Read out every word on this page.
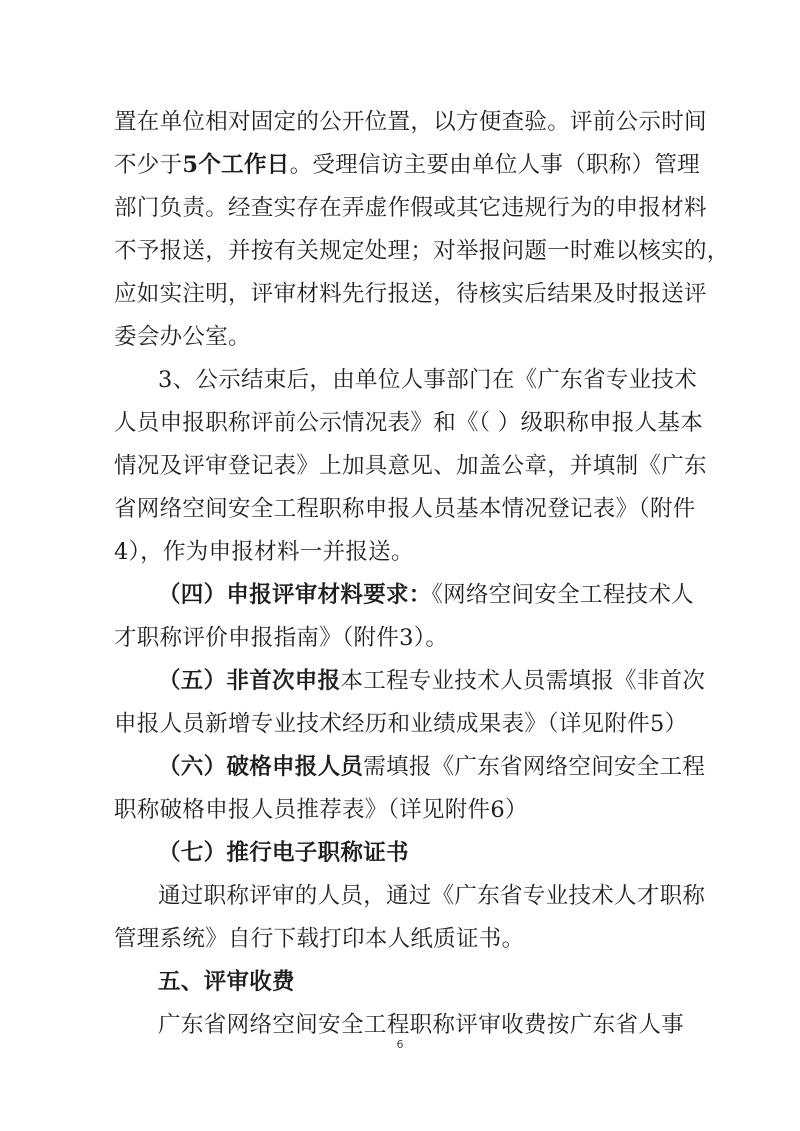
置在单位相对固定的公开位置，以方便查验。评前公示时间
不少于5个工作日。受理信访主要由单位人事（职称）管理
部门负责。经查实存在弄虚作假或其它违规行为的申报材料
不予报送，并按有关规定处理；对举报问题一时难以核实的，
应如实注明，评审材料先行报送，待核实后结果及时报送评
委会办公室。
3、公示结束后，由单位人事部门在《广东省专业技术
人员申报职称评前公示情况表》和《（ ）级职称申报人基本
情况及评审登记表》上加具意见、加盖公章，并填制《广东
省网络空间安全工程职称申报人员基本情况登记表》（附件
4），作为申报材料一并报送。
（四）申报评审材料要求：《网络空间安全工程技术人
才职称评价申报指南》（附件3）。
（五）非首次申报本工程专业技术人员需填报《非首次
申报人员新增专业技术经历和业绩成果表》（详见附件5）
（六）破格申报人员需填报《广东省网络空间安全工程
职称破格申报人员推荐表》（详见附件6）
（七）推行电子职称证书
通过职称评审的人员，通过《广东省专业技术人才职称
管理系统》自行下载打印本人纸质证书。
五、评审收费
广东省网络空间安全工程职称评审收费按广东省人事
6
